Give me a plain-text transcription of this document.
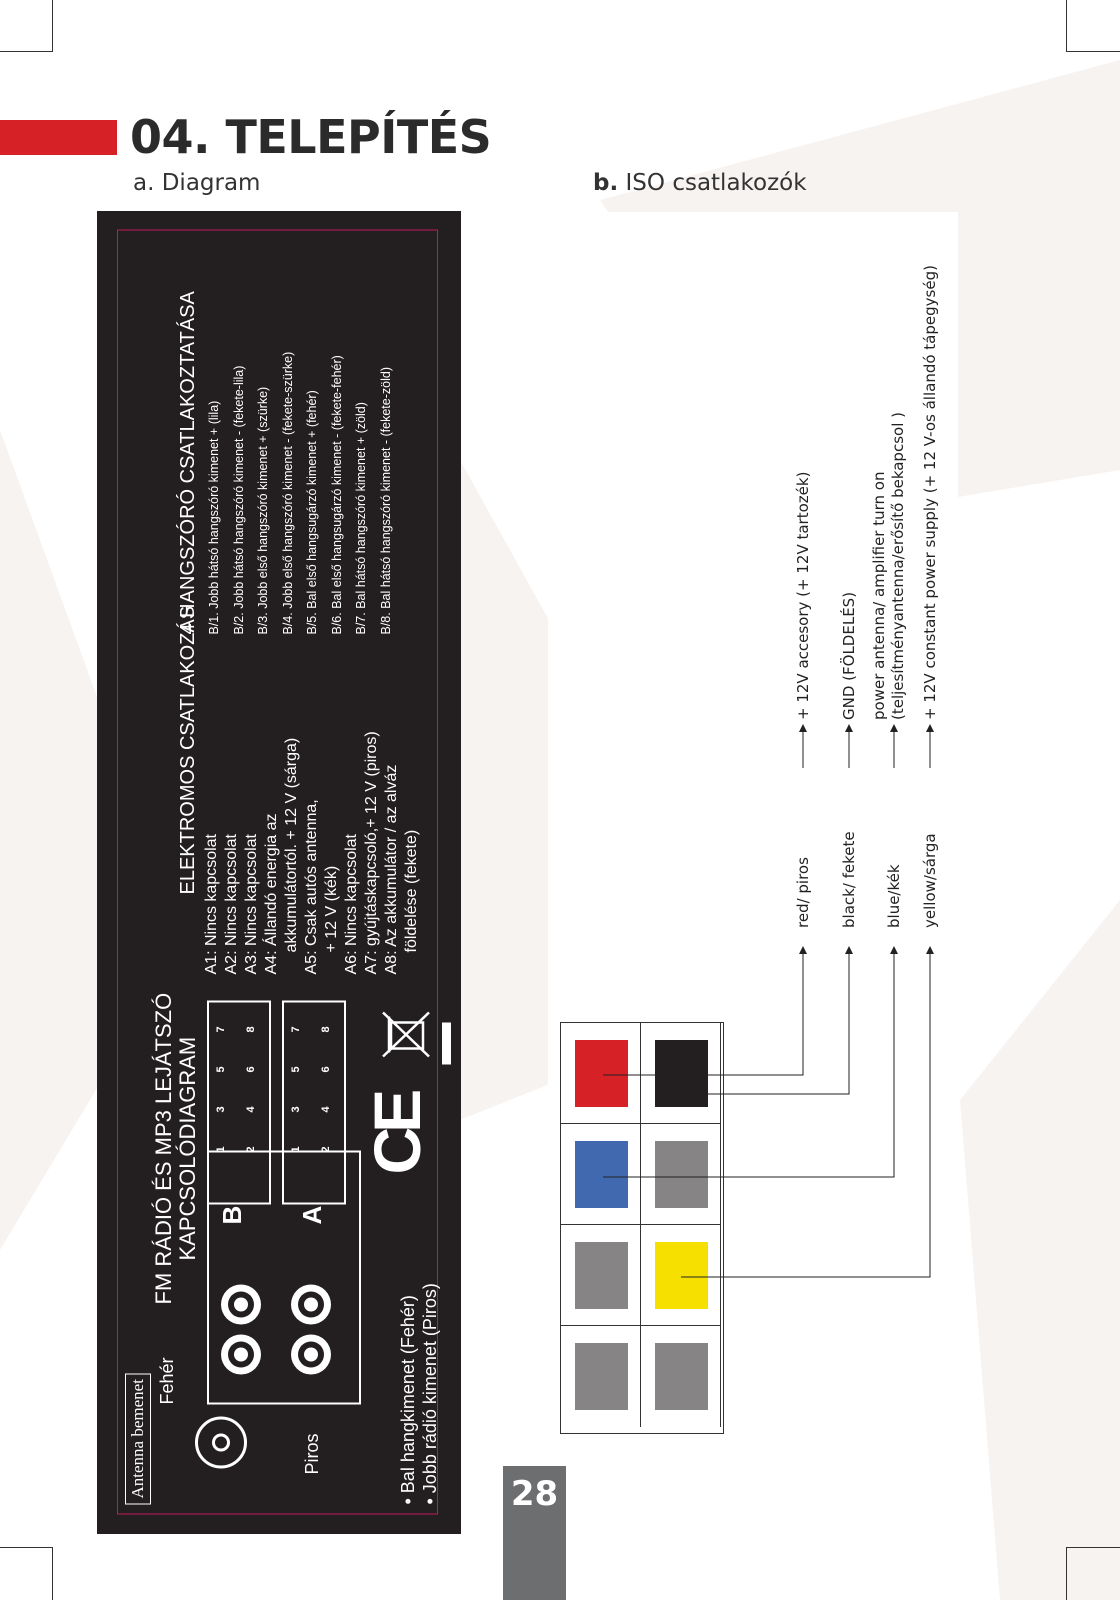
04. TELEPÍTÉS
a. Diagram	b. ISO csatlakozók
Antenna bemenet Fehér
Piros	• Bal hangkimenet (Fehér) • Jobb rádió kimenet (Piros)
FM RÁDIÓ ÉS MP3 LEJÁTSZÓ KAPCSOLÓDIAGRAM B
1
3
5
7
2
4
6
8
A
1
3
5
7
2
4
6
8
CE
ELEKTROMOS CSATLAKOZÁS
4 HANGSZÓRÓ CSATLAKOZTATÁSA
A1: Nincs kapcsolat A2: Nincs kapcsolat A3: Nincs kapcsolat A4: Állandó energia az akkumulátortól. + 12 V (sárga) A5: Csak autós antenna, + 12 V (kék) A6: Nincs kapcsolat A7: gyújtáskapcsoló,+ 12 V (piros) A8: Az akkumulátor / az alváz földelése (fekete)
B/1. Jobb hátsó hangszóró kimenet + (lila) B/2. Jobb hátsó hangszóró kimenet - (fekete-lila) B/3. Jobb első hangszóró kimenet + (szürke) B/4. Jobb első hangszóró kimenet - (fekete-szürke) B/5. Bal első hangsugárzó kimenet + (fehér) B/6. Bal első hangsugárzó kimenet - (fekete-fehér) B/7. Bal hátsó hangszóró kimenet + (zöld) B/8. Bal hátsó hangszóró kimenet - (fekete-zöld)
red/ piros black/ fekete blue/kék yellow/sárga
+ 12V accesory (+ 12V tartozék) GND (FÖLDELÉS) power antenna/ amplifier turn on (teljesítményantenna/erősítő bekapcsol ) + 12V constant power supply (+ 12 V-os állandó tápegység)
28
